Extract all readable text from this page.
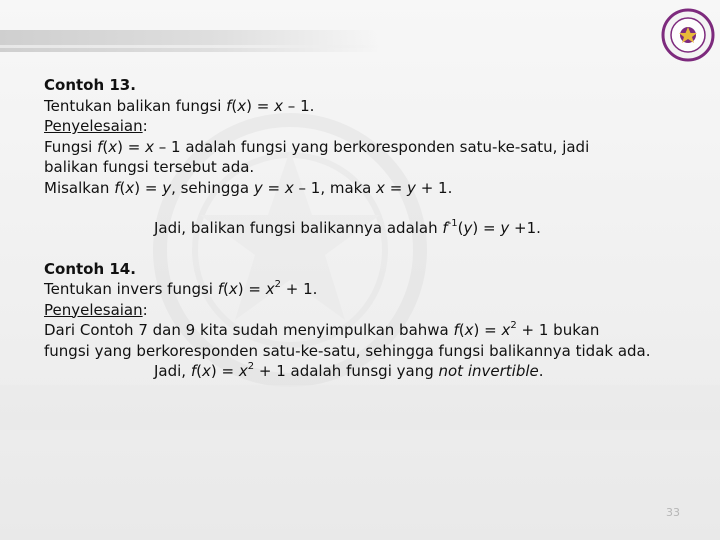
Contoh 13.
Tentukan balikan fungsi f(x) = x – 1.
Penyelesaian:
Fungsi f(x) = x – 1 adalah fungsi yang berkoresponden satu-ke-satu, jadi
balikan fungsi tersebut ada.
Misalkan f(x) = y, sehingga y = x – 1, maka x = y + 1.
Jadi, balikan fungsi balikannya adalah $f^{-1}(y) = y +1$.
Contoh 14.
Tentukan invers fungsi $f(x) = x^2 + 1$.
Penyelesaian:
Dari Contoh 7 dan 9 kita sudah menyimpulkan bahwa $f(x) = x^2 + 1$ bukan
fungsi yang berkoresponden satu-ke-satu, sehingga fungsi balikannya tidak ada.
Jadi, $f(x) = x^2 + 1$ adalah funsgi yang not invertible.
33
